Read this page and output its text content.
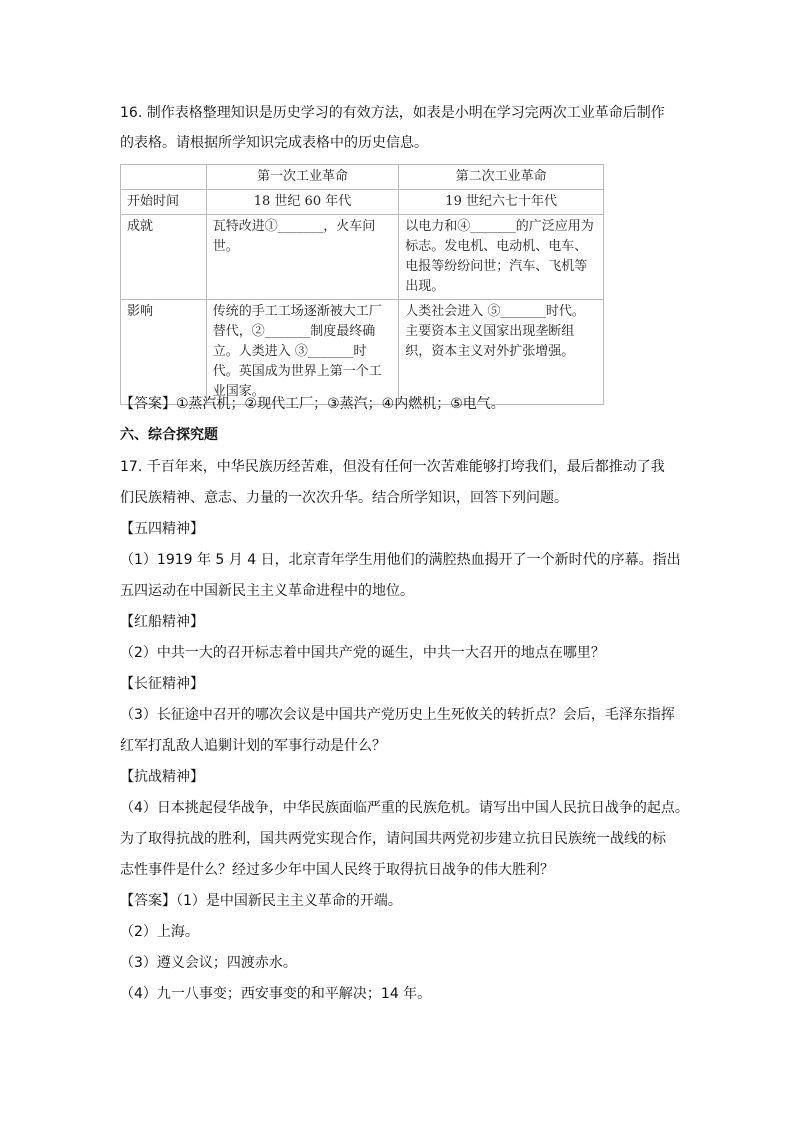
16. 制作表格整理知识是历史学习的有效方法，如表是小明在学习完两次工业革命后制作
的表格。请根据所学知识完成表格中的历史信息。
	第一次工业革命	第二次工业革命
开始时间	18 世纪 60 年代	19 世纪六七十年代
成就	瓦特改进①_______，火车问世。	以电力和④_______的广泛应用为标志。发电机、电动机、电车、电报等纷纷问世；汽车、飞机等出现。
影响	传统的手工工场逐渐被大工厂替代，②_______制度最终确立。人类进入 ③_______时代。英国成为世界上第一个工业国家。	人类社会进入 ⑤_______时代。主要资本主义国家出现垄断组织，资本主义对外扩张增强。
【答案】①蒸汽机；②现代工厂；③蒸汽；④内燃机；⑤电气。
六、综合探究题
17. 千百年来，中华民族历经苦难，但没有任何一次苦难能够打垮我们，最后都推动了我
们民族精神、意志、力量的一次次升华。结合所学知识，回答下列问题。
【五四精神】
（1）1919 年 5 月 4 日，北京青年学生用他们的满腔热血揭开了一个新时代的序幕。指出
五四运动在中国新民主主义革命进程中的地位。
【红船精神】
（2）中共一大的召开标志着中国共产党的诞生，中共一大召开的地点在哪里？
【长征精神】
（3）长征途中召开的哪次会议是中国共产党历史上生死攸关的转折点？会后，毛泽东指挥
红军打乱敌人追剿计划的军事行动是什么？
【抗战精神】
（4）日本挑起侵华战争，中华民族面临严重的民族危机。请写出中国人民抗日战争的起点。
为了取得抗战的胜利，国共两党实现合作，请问国共两党初步建立抗日民族统一战线的标
志性事件是什么？经过多少年中国人民终于取得抗日战争的伟大胜利？
【答案】（1）是中国新民主主义革命的开端。
（2）上海。
（3）遵义会议；四渡赤水。
（4）九一八事变；西安事变的和平解决；14 年。
